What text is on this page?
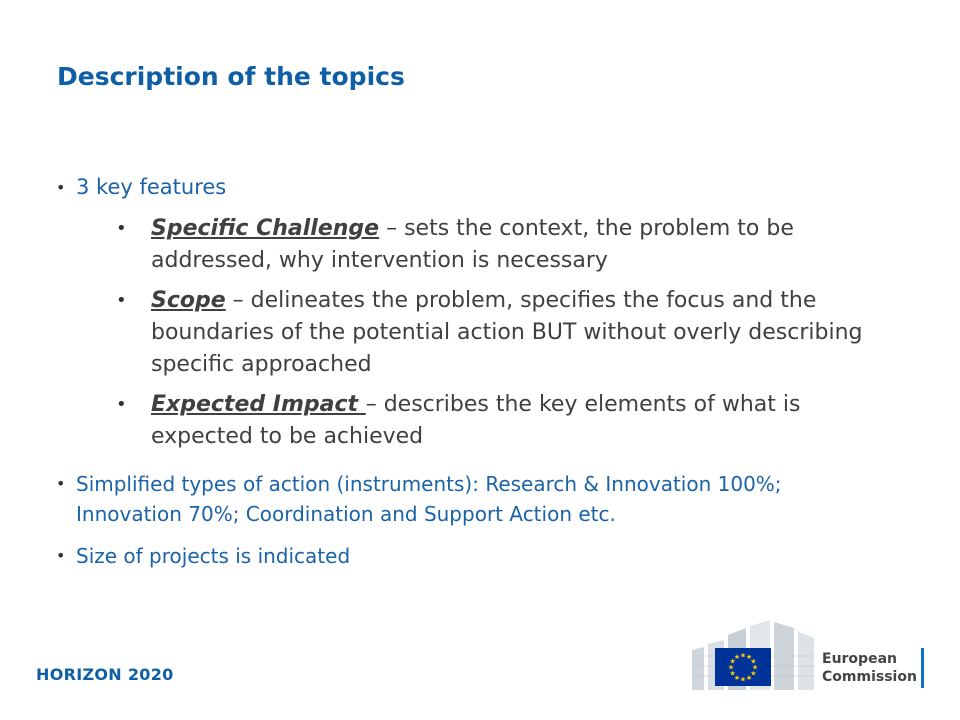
Description of the topics
• 3 key features
•	Specific Challenge – sets the context, the problem to be addressed, why intervention is necessary
•	Scope – delineates the problem, specifies the focus and the boundaries of the potential action BUT without overly describing specific approached
•	Expected Impact – describes the key elements of what is expected to be achieved
• Simplified types of action (instruments): Research & Innovation 100%; Innovation 70%; Coordination and Support Action etc.
• Size of projects is indicated
HORIZON 2020
★ ★
★
★
★
★
★
★
★
★
★
★	European
Commission
